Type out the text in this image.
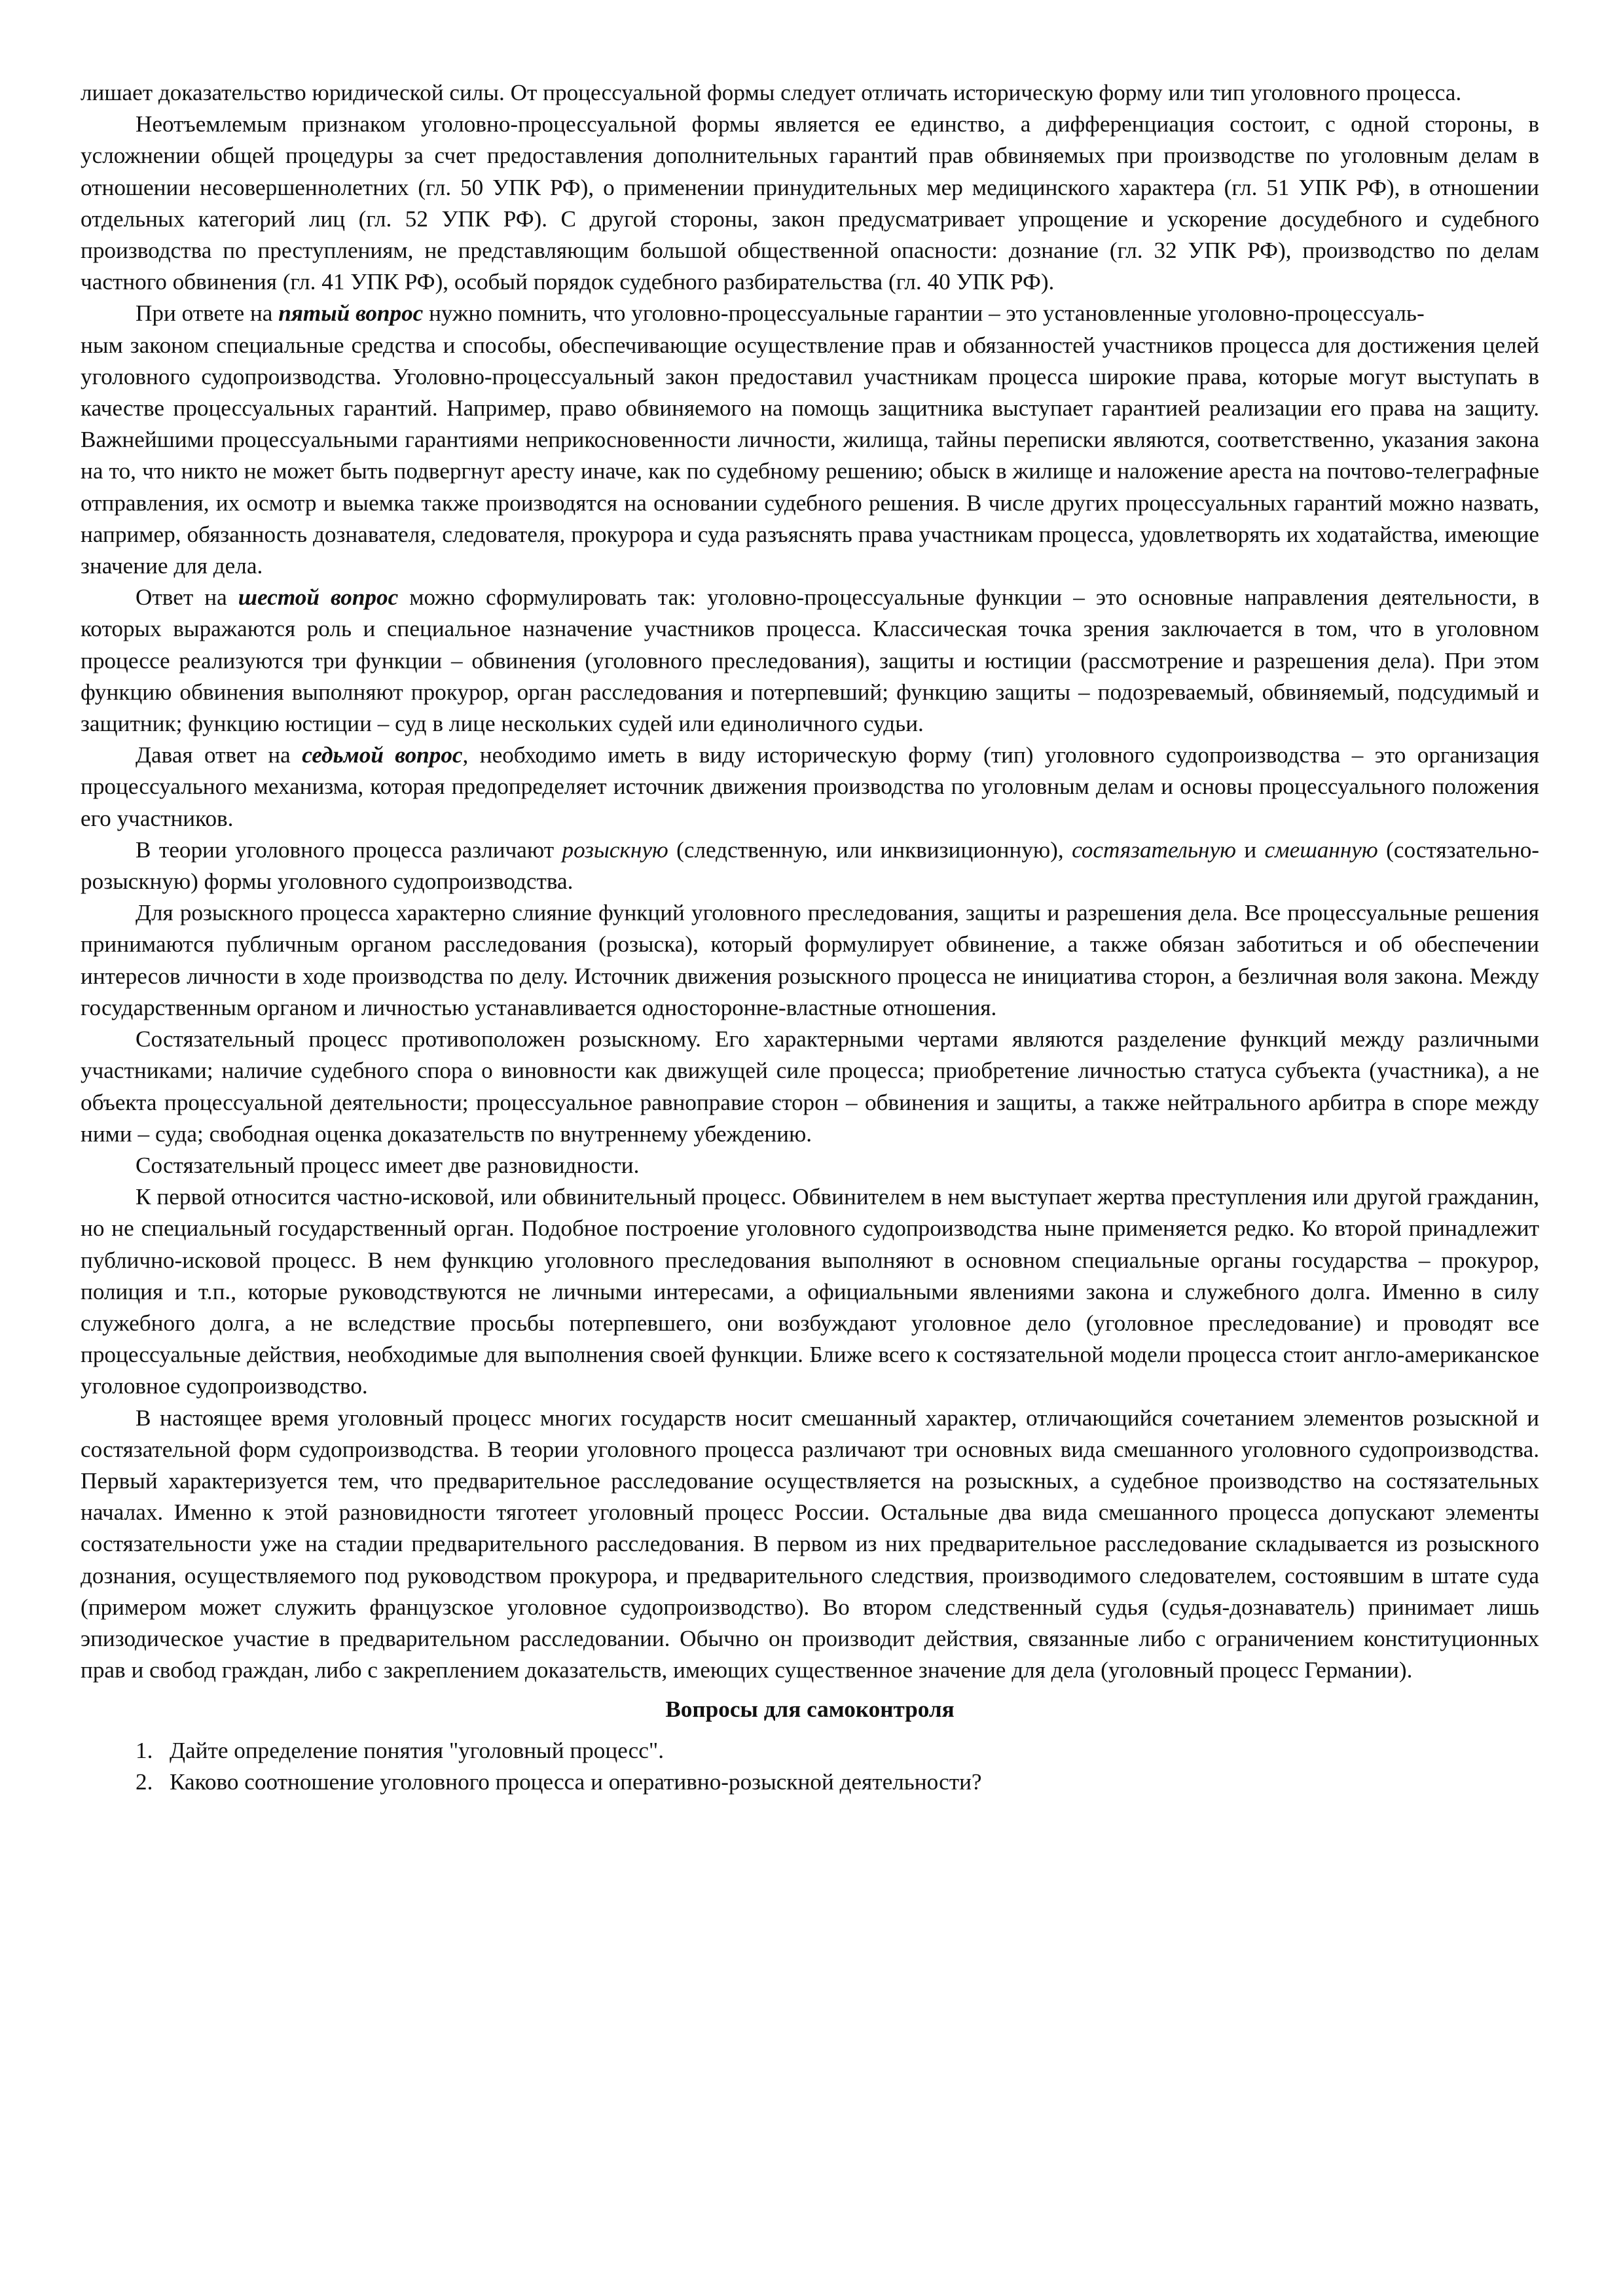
лишает доказательство юридической силы. От процессуальной формы следует отличать историческую форму или тип уголовного процесса.

Неотъемлемым признаком уголовно-процессуальной формы является ее единство, а дифференциация состоит, с одной стороны, в усложнении общей процедуры за счет предоставления дополнительных гарантий прав обвиняемых при производстве по уголовным делам в отношении несовершеннолетних (гл. 50 УПК РФ), о применении принудительных мер медицинского характера (гл. 51 УПК РФ), в отношении отдельных категорий лиц (гл. 52 УПК РФ). С другой стороны, закон предусматривает упрощение и ускорение досудебного и судебного производства по преступлениям, не представляющим большой общественной опасности: дознание (гл. 32 УПК РФ), производство по делам частного обвинения (гл. 41 УПК РФ), особый порядок судебного разбирательства (гл. 40 УПК РФ).

При ответе на пятый вопрос нужно помнить, что уголовно-процессуальные гарантии – это установленные уголовно-процессуаль-

ным законом специальные средства и способы, обеспечивающие осуществление прав и обязанностей участников процесса для достижения целей уголовного судопроизводства. Уголовно-процессуальный закон предоставил участникам процесса широкие права, которые могут выступать в качестве процессуальных гарантий. Например, право обвиняемого на помощь защитника выступает гарантией реализации его права на защиту. Важнейшими процессуальными гарантиями неприкосновенности личности, жилища, тайны переписки являются, соответственно, указания закона на то, что никто не может быть подвергнут аресту иначе, как по судебному решению; обыск в жилище и наложение ареста на почтово-телеграфные отправления, их осмотр и выемка также производятся на основании судебного решения. В числе других процессуальных гарантий можно назвать, например, обязанность дознавателя, следователя, прокурора и суда разъяснять права участникам процесса, удовлетворять их ходатайства, имеющие значение для дела.

Ответ на шестой вопрос можно сформулировать так: уголовно-процессуальные функции – это основные направления деятельности, в которых выражаются роль и специальное назначение участников процесса. Классическая точка зрения заключается в том, что в уголовном процессе реализуются три функции – обвинения (уголовного преследования), защиты и юстиции (рассмотрение и разрешения дела). При этом функцию обвинения выполняют прокурор, орган расследования и потерпевший; функцию защиты – подозреваемый, обвиняемый, подсудимый и защитник; функцию юстиции – суд в лице нескольких судей или единоличного судьи.

Давая ответ на седьмой вопрос, необходимо иметь в виду историческую форму (тип) уголовного судопроизводства – это организация процессуального механизма, которая предопределяет источник движения производства по уголовным делам и основы процессуального положения его участников.

В теории уголовного процесса различают розыскную (следственную, или инквизиционную), состязательную и смешанную (состязательно-розыскную) формы уголовного судопроизводства.

Для розыскного процесса характерно слияние функций уголовного преследования, защиты и разрешения дела. Все процессуальные решения принимаются публичным органом расследования (розыска), который формулирует обвинение, а также обязан заботиться и об обеспечении интересов личности в ходе производства по делу. Источник движения розыскного процесса не инициатива сторон, а безличная воля закона. Между государственным органом и личностью устанавливается односторонне-властные отношения.

Состязательный процесс противоположен розыскному. Его характерными чертами являются разделение функций между различными участниками; наличие судебного спора о виновности как движущей силе процесса; приобретение личностью статуса субъекта (участника), а не объекта процессуальной деятельности; процессуальное равноправие сторон – обвинения и защиты, а также нейтрального арбитра в споре между ними – суда; свободная оценка доказательств по внутреннему убеждению.

Состязательный процесс имеет две разновидности.

К первой относится частно-исковой, или обвинительный процесс. Обвинителем в нем выступает жертва преступления или другой гражданин, но не специальный государственный орган. Подобное построение уголовного судопроизводства ныне применяется редко. Ко второй принадлежит публично-исковой процесс. В нем функцию уголовного преследования выполняют в основном специальные органы государства – прокурор, полиция и т.п., которые руководствуются не личными интересами, а официальными явлениями закона и служебного долга. Именно в силу служебного долга, а не вследствие просьбы потерпевшего, они возбуждают уголовное дело (уголовное преследование) и проводят все процессуальные действия, необходимые для выполнения своей функции. Ближе всего к состязательной модели процесса стоит англо-американское уголовное судопроизводство.

В настоящее время уголовный процесс многих государств носит смешанный характер, отличающийся сочетанием элементов розыскной и состязательной форм судопроизводства. В теории уголовного процесса различают три основных вида смешанного уголовного судопроизводства. Первый характеризуется тем, что предварительное расследование осуществляется на розыскных, а судебное производство на состязательных началах. Именно к этой разновидности тяготеет уголовный процесс России. Остальные два вида смешанного процесса допускают элементы состязательности уже на стадии предварительного расследования. В первом из них предварительное расследование складывается из розыскного дознания, осуществляемого под руководством прокурора, и предварительного следствия, производимого следователем, состоявшим в штате суда (примером может служить французское уголовное судопроизводство). Во втором следственный судья (судья-дознаватель) принимает лишь эпизодическое участие в предварительном расследовании. Обычно он производит действия, связанные либо с ограничением конституционных прав и свобод граждан, либо с закреплением доказательств, имеющих существенное значение для дела (уголовный процесс Германии).

Вопросы для самоконтроля
1. Дайте определение понятия "уголовный процесс".
2. Каково соотношение уголовного процесса и оперативно-розыскной деятельности?
